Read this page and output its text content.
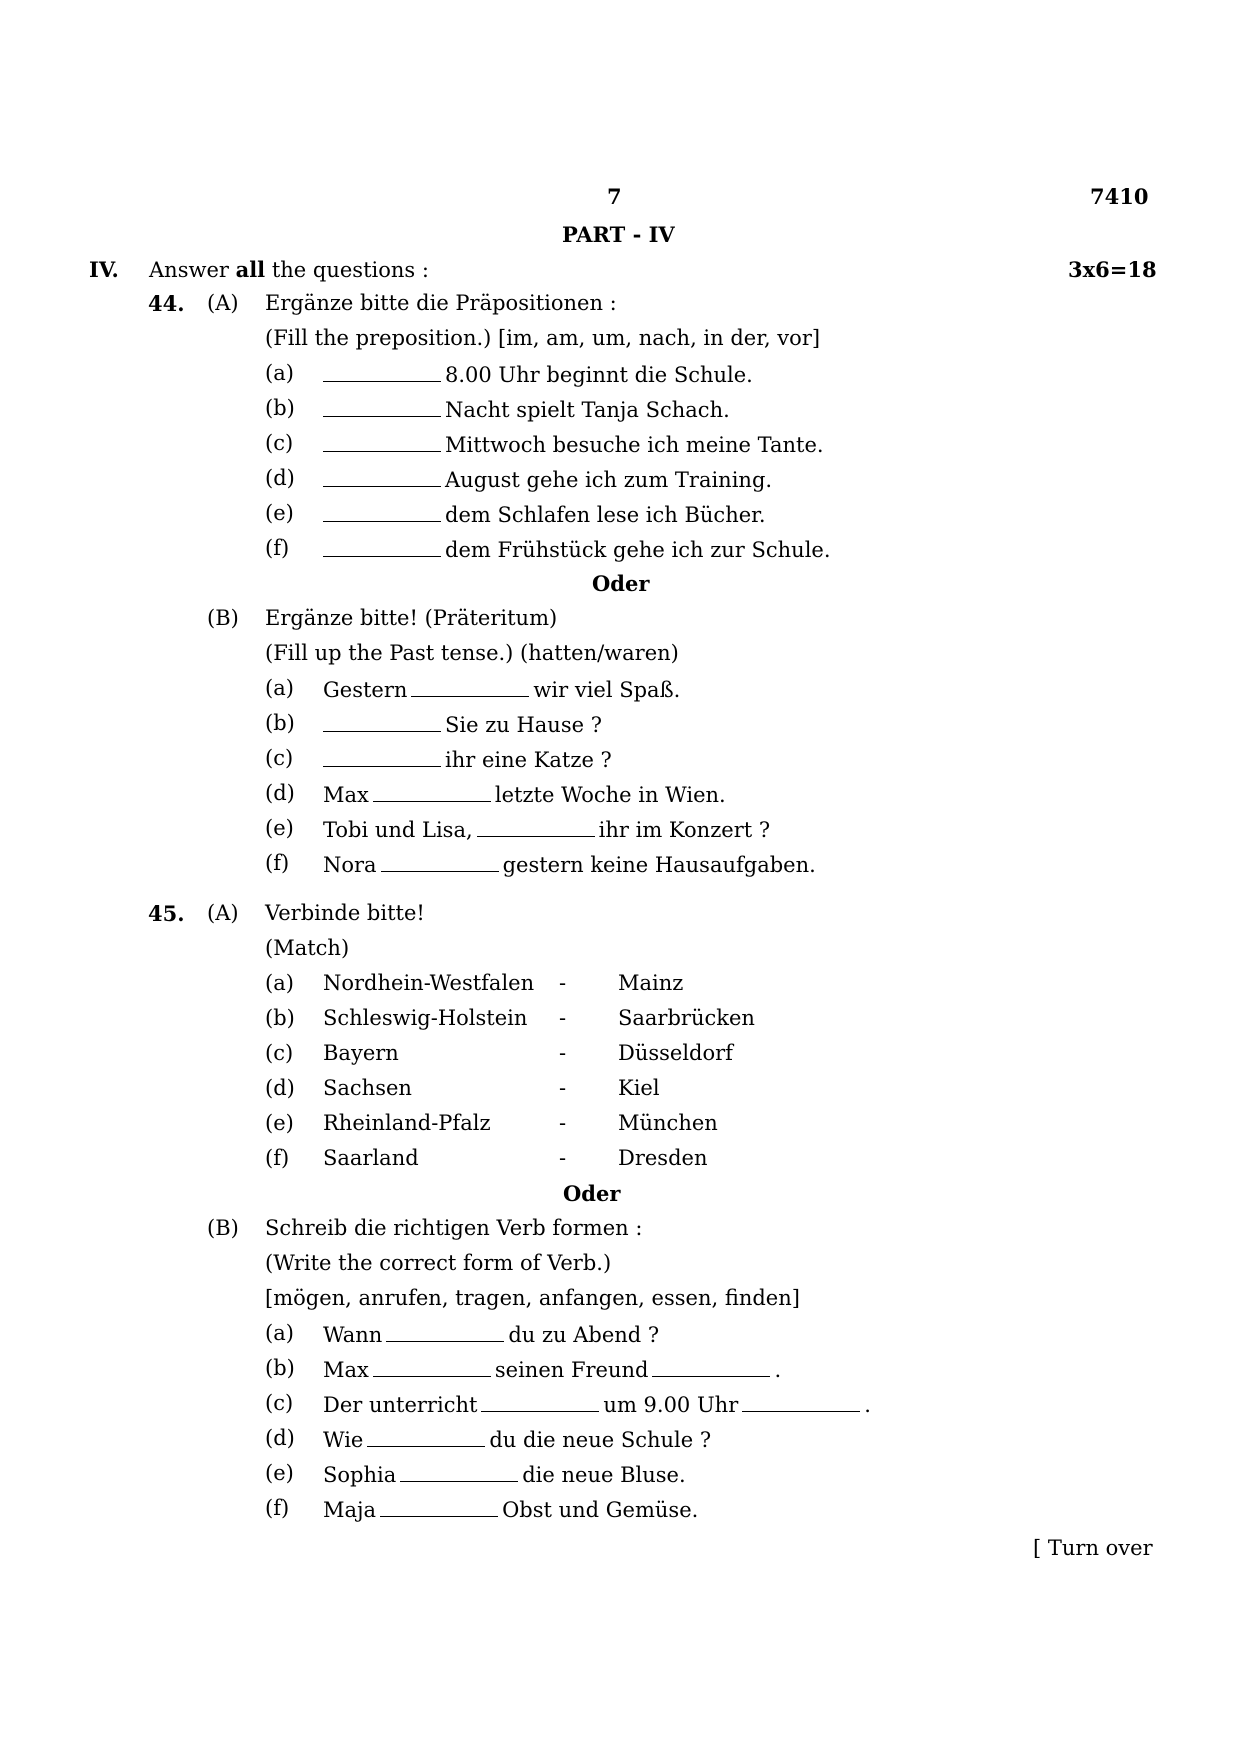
7	7410
PART - IV
IV. Answer all the questions :	3x6=18
44. (A) Ergänze bitte die Präpositionen :
(Fill the preposition.) [im, am, um, nach, in der, vor]
(a)	8.00 Uhr beginnt die Schule.
(b)	Nacht spielt Tanja Schach.
(c)	Mittwoch besuche ich meine Tante.
(d)	August gehe ich zum Training.
(e)	dem Schlafen lese ich Bücher.
(f)	dem Frühstück gehe ich zur Schule.
Oder
(B) Ergänze bitte! (Präteritum)
(Fill up the Past tense.) (hatten/waren)
(a) Gestern	wir viel Spaß.
(b)	Sie zu Hause ?
(c)	ihr eine Katze ?
(d) Max	letzte Woche in Wien.
(e) Tobi und Lisa,	ihr im Konzert ?
(f) Nora	gestern keine Hausaufgaben.
45. (A) Verbinde bitte!
(Match)
(a) Nordhein-Westfalen - Mainz
(b) Schleswig-Holstein - Saarbrücken
(c) Bayern	- Düsseldorf
(d) Sachsen	- Kiel
(e) Rheinland-Pfalz	- München
(f) Saarland	- Dresden
Oder
(B) Schreib die richtigen Verb formen :
(Write the correct form of Verb.)
[mögen, anrufen, tragen, anfangen, essen, finden]
(a) Wann	du zu Abend ?
(b) Max	seinen Freund	.
(c) Der unterricht	um 9.00 Uhr	.
(d) Wie	du die neue Schule ?
(e) Sophia	die neue Bluse.
(f) Maja	Obst und Gemüse.
[ Turn over
